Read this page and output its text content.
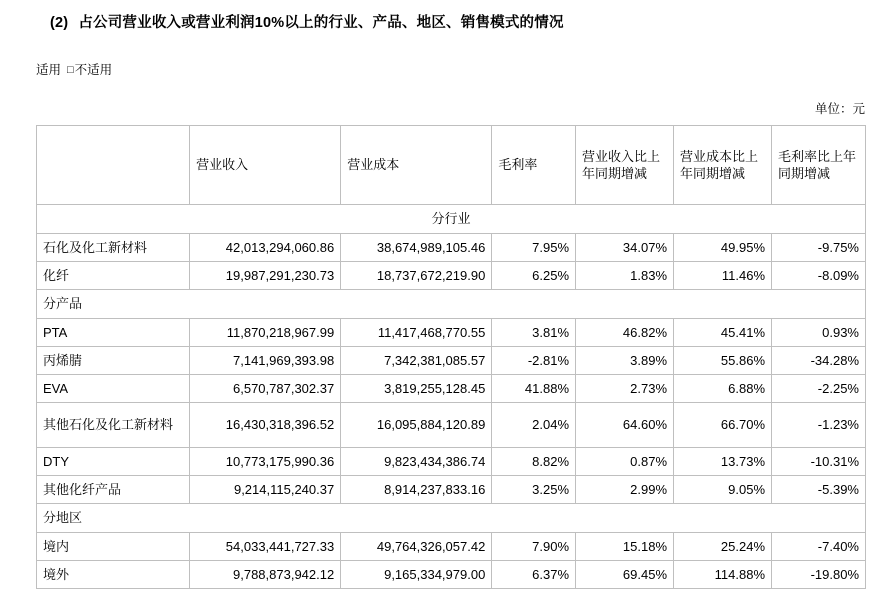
(2) 占公司营业收入或营业利润10%以上的行业、产品、地区、销售模式的情况
适用 □不适用
单位：元
	营业收入	营业成本	毛利率	营业收入比上年同期增减	营业成本比上年同期增减	毛利率比上年同期增减
分行业						
石化及化工新材料	42,013,294,060.86	38,674,989,105.46	7.95%	34.07%	49.95%	-9.75%
化纤	19,987,291,230.73	18,737,672,219.90	6.25%	1.83%	11.46%	-8.09%
分产品						
PTA	11,870,218,967.99	11,417,468,770.55	3.81%	46.82%	45.41%	0.93%
丙烯腈	7,141,969,393.98	7,342,381,085.57	-2.81%	3.89%	55.86%	-34.28%
EVA	6,570,787,302.37	3,819,255,128.45	41.88%	2.73%	6.88%	-2.25%
其他石化及化工新材料	16,430,318,396.52	16,095,884,120.89	2.04%	64.60%	66.70%	-1.23%
DTY	10,773,175,990.36	9,823,434,386.74	8.82%	0.87%	13.73%	-10.31%
其他化纤产品	9,214,115,240.37	8,914,237,833.16	3.25%	2.99%	9.05%	-5.39%
分地区						
境内	54,033,441,727.33	49,764,326,057.42	7.90%	15.18%	25.24%	-7.40%
境外	9,788,873,942.12	9,165,334,979.00	6.37%	69.45%	114.88%	-19.80%
